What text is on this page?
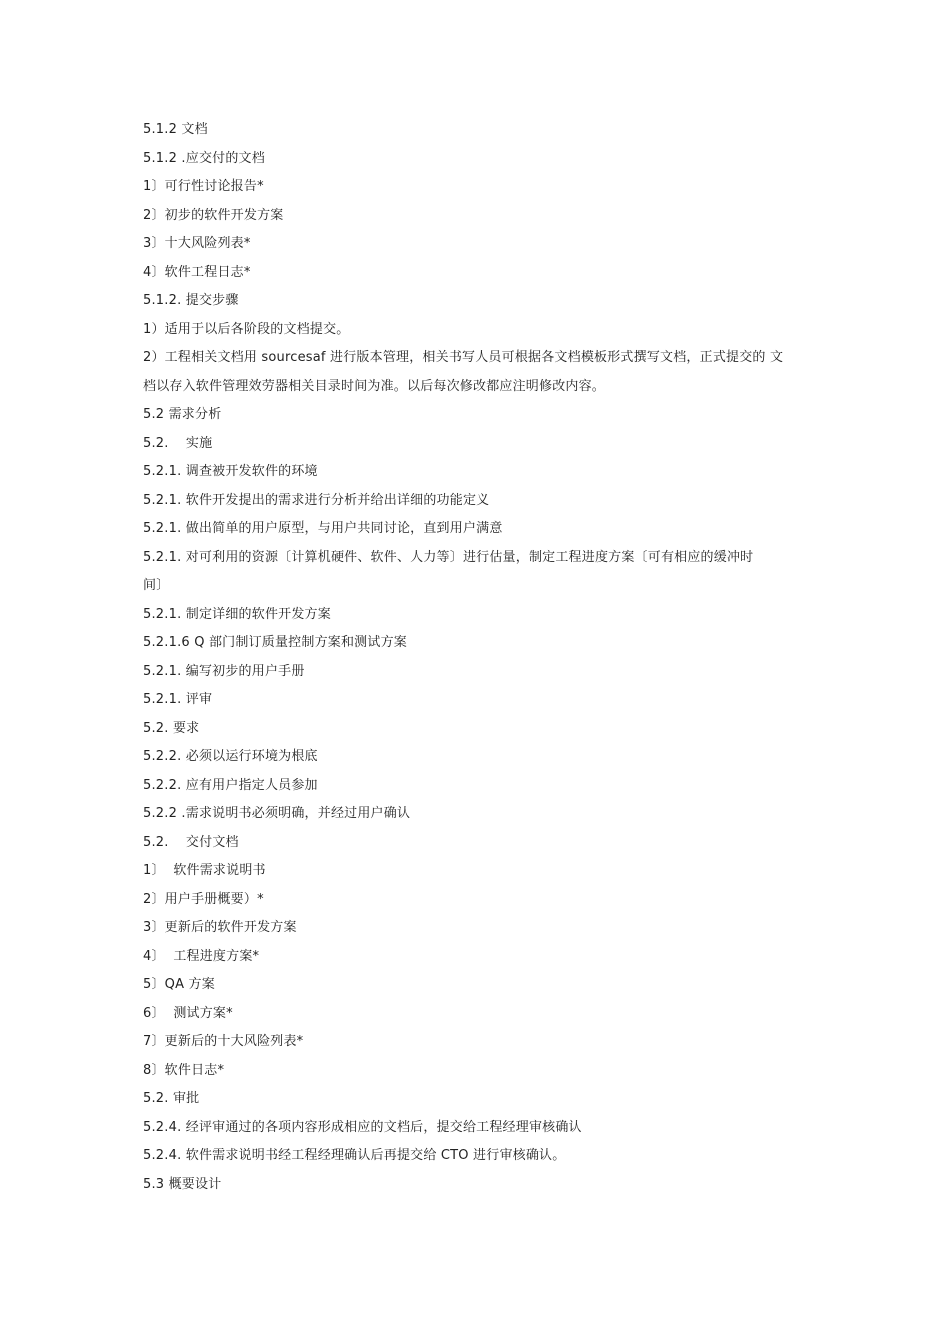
5.1.2 文档
5.1.2 .应交付的文档
1〕可行性讨论报告*
2〕初步的软件开发方案
3〕十大风险列表*
4〕软件工程日志*
5.1.2. 提交步骤
1）适用于以后各阶段的文档提交。
2）工程相关文档用 sourcesaf 进行版本管理，相关书写人员可根据各文档模板形式撰写文档，正式提交的 文
档以存入软件管理效劳器相关目录时间为准。以后每次修改都应注明修改内容。
5.2 需求分析
5.2.    实施
5.2.1. 调查被开发软件的环境
5.2.1. 软件开发提出的需求进行分析并给出详细的功能定义
5.2.1. 做出简单的用户原型，与用户共同讨论，直到用户满意
5.2.1. 对可利用的资源〔计算机硬件、软件、人力等〕进行估量，制定工程进度方案〔可有相应的缓冲时
间〕
5.2.1. 制定详细的软件开发方案
5.2.1.6 Q 部门制订质量控制方案和测试方案
5.2.1. 编写初步的用户手册
5.2.1. 评审
5.2. 要求
5.2.2. 必须以运行环境为根底
5.2.2. 应有用户指定人员参加
5.2.2 .需求说明书必须明确，并经过用户确认
5.2.    交付文档
1〕  软件需求说明书
2〕用户手册概要）*
3〕更新后的软件开发方案
4〕  工程进度方案*
5〕QA 方案
6〕  测试方案*
7〕更新后的十大风险列表*
8〕软件日志*
5.2. 审批
5.2.4. 经评审通过的各项内容形成相应的文档后，提交给工程经理审核确认
5.2.4. 软件需求说明书经工程经理确认后再提交给 CTO 进行审核确认。
5.3 概要设计
